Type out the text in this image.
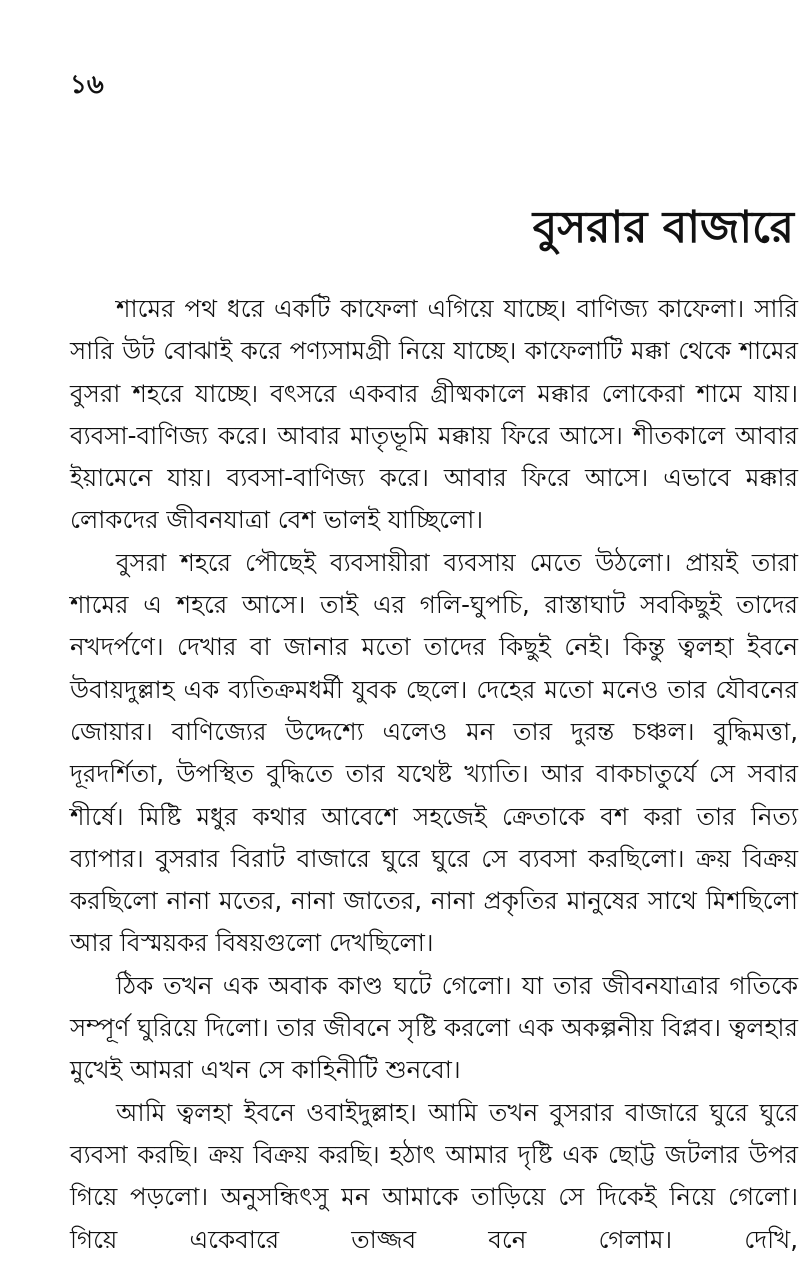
১৬
বুসরার বাজারে

শামের পথ ধরে একটি কাফেলা এগিয়ে যাচ্ছে। বাণিজ্য কাফেলা। সারি সারি উট বোঝাই করে পণ্যসামগ্রী নিয়ে যাচ্ছে। কাফেলাটি মক্কা থেকে শামের বুসরা শহরে যাচ্ছে। বৎসরে একবার গ্রীষ্মকালে মক্কার লোকেরা শামে যায়। ব্যবসা-বাণিজ্য করে। আবার মাতৃভূমি মক্কায় ফিরে আসে। শীতকালে আবার ইয়ামেনে যায়। ব্যবসা-বাণিজ্য করে। আবার ফিরে আসে। এভাবে মক্কার লোকদের জীবনযাত্রা বেশ ভালই যাচ্ছিলো।

বুসরা শহরে পৌছেই ব্যবসায়ীরা ব্যবসায় মেতে উঠলো। প্রায়ই তারা শামের এ শহরে আসে। তাই এর গলি-ঘুপচি, রাস্তাঘাট সবকিছুই তাদের নখদর্পণে। দেখার বা জানার মতো তাদের কিছুই নেই। কিন্তু ত্বলহা ইবনে উবায়দুল্লাহ এক ব্যতিক্রমধর্মী যুবক ছেলে। দেহের মতো মনেও তার যৌবনের জোয়ার। বাণিজ্যের উদ্দেশ্যে এলেও মন তার দুরন্ত চঞ্চল। বুদ্ধিমত্তা, দূরদর্শিতা, উপস্থিত বুদ্ধিতে তার যথেষ্ট খ্যাতি। আর বাকচাতুর্যে সে সবার শীর্ষে। মিষ্টি মধুর কথার আবেশে সহজেই ক্রেতাকে বশ করা তার নিত্য ব্যাপার। বুসরার বিরাট বাজারে ঘুরে ঘুরে সে ব্যবসা করছিলো। ক্রয় বিক্রয় করছিলো নানা মতের, নানা জাতের, নানা প্রকৃতির মানুষের সাথে মিশছিলো আর বিস্ময়কর বিষয়গুলো দেখছিলো।

ঠিক তখন এক অবাক কাণ্ড ঘটে গেলো। যা তার জীবনযাত্রার গতিকে সম্পূর্ণ ঘুরিয়ে দিলো। তার জীবনে সৃষ্টি করলো এক অকল্পনীয় বিপ্লব। ত্বলহার মুখেই আমরা এখন সে কাহিনীটি শুনবো।

আমি ত্বলহা ইবনে ওবাইদুল্লাহ। আমি তখন বুসরার বাজারে ঘুরে ঘুরে ব্যবসা করছি। ক্রয় বিক্রয় করছি। হঠাৎ আমার দৃষ্টি এক ছোট্ট জটলার উপর গিয়ে পড়লো। অনুসন্ধিৎসু মন আমাকে তাড়িয়ে সে দিকেই নিয়ে গেলো। গিয়ে একেবারে তাজ্জব বনে গেলাম। দেখি,
